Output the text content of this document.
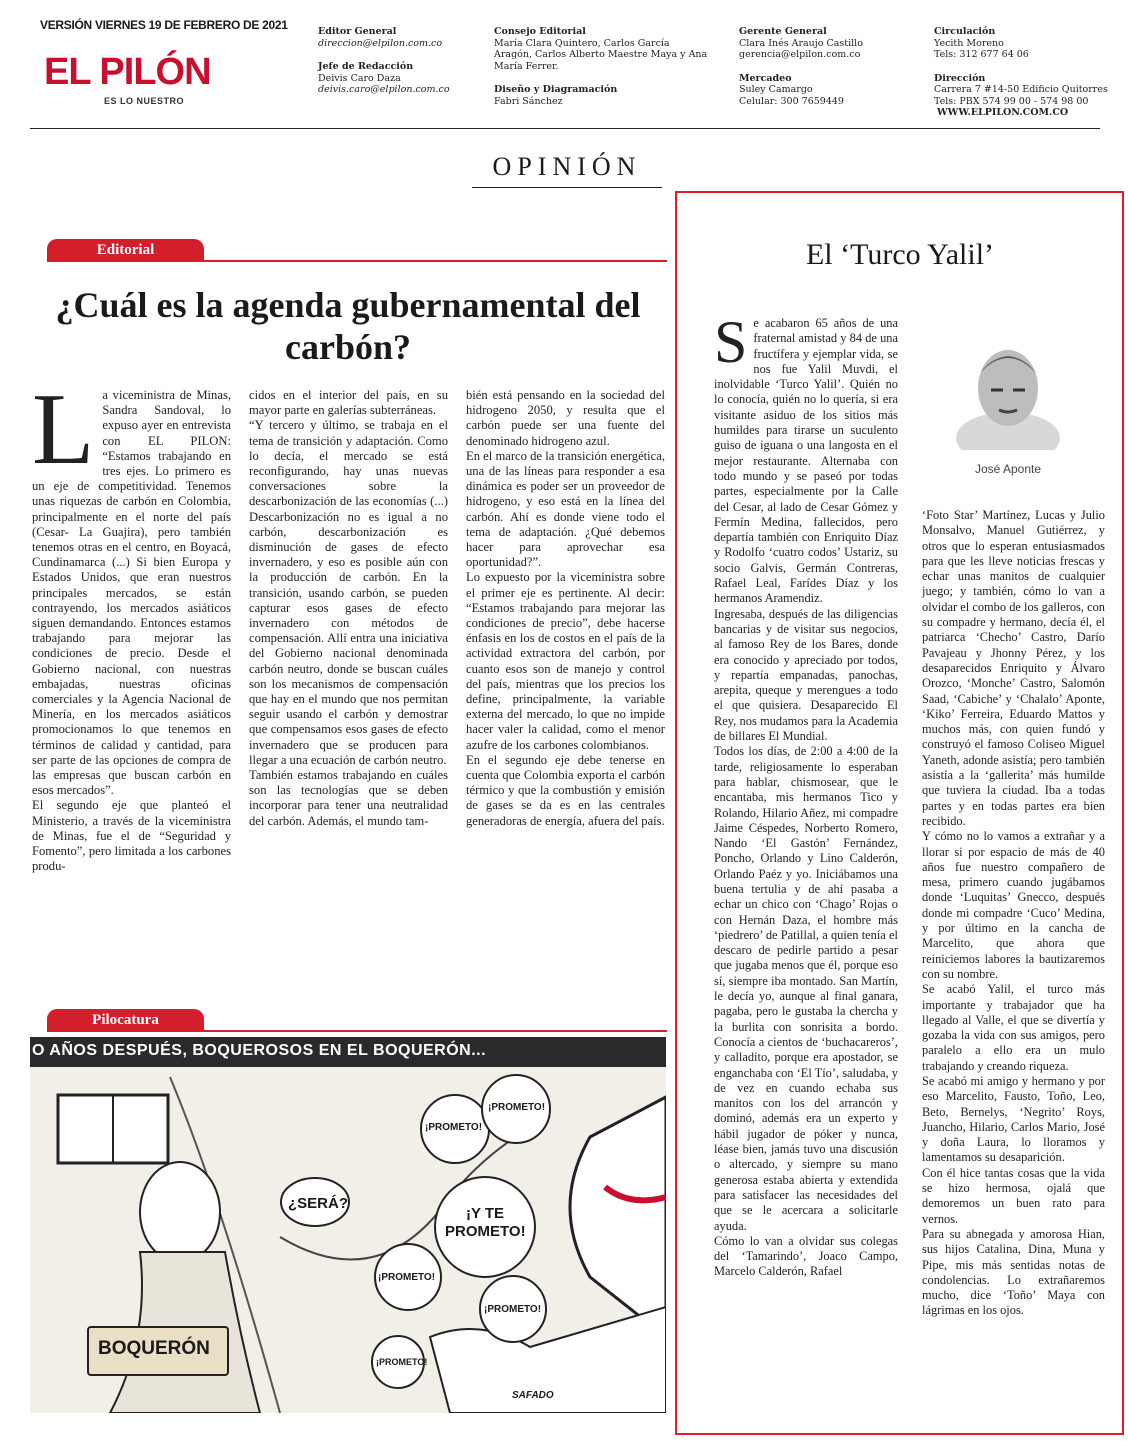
VERSIÓN VIERNES 19 DE FEBRERO DE 2021
EL PILÓN
ES LO NUESTRO
Editor General
direccion@elpilon.com.co
Jefe de Redacción
Deivis Caro Daza
deivis.caro@elpilon.com.co
Consejo Editorial
María Clara Quintero, Carlos García Aragón, Carlos Alberto Maestre Maya y Ana María Ferrer.
Diseño y Diagramación
Fabri Sánchez
Gerente General
Clara Inés Araujo Castillo
gerencia@elpilon.com.co
Mercadeo
Suley Camargo
Celular: 300 7659449
Circulación
Yecith Moreno
Tels: 312 677 64 06
Dirección
Carrera 7 #14-50 Edificio Quitorres
Tels: PBX 574 99 00 - 574 98 00
WWW.ELPILON.COM.CO
OPINIÓN
Editorial
¿Cuál es la agenda gubernamental del carbón?
L a viceministra de Minas, Sandra Sandoval, lo expuso ayer en entrevista con EL PILON: “Estamos trabajando en tres ejes. Lo primero es un eje de competitividad. Tenemos unas riquezas de carbón en Colombia, principalmente en el norte del país (Cesar- La Guajira), pero también tenemos otras en el centro, en Boyacá, Cundinamarca (...) Si bien Europa y Estados Unidos, que eran nuestros principales mercados, se están contrayendo, los mercados asiáticos siguen demandando. Entonces estamos trabajando para mejorar las condiciones de precio. Desde el Gobierno nacional, con nuestras embajadas, nuestras oficinas comerciales y la Agencia Nacional de Minería, en los mercados asiáticos promocionamos lo que tenemos en términos de calidad y cantidad, para ser parte de las opciones de compra de las empresas que buscan carbón en esos mercados”.

El segundo eje que planteó el Ministerio, a través de la viceministra de Minas, fue el de “Seguridad y Fomento”, pero limitada a los carbones produ-

cidos en el interior del país, en su mayor parte en galerías subterráneas.

“Y tercero y último, se trabaja en el tema de transición y adaptación. Como lo decía, el mercado se está reconfigurando, hay unas nuevas conversaciones sobre la descarbonización de las economías (...) Descarbonización no es igual a no carbón, descarbonización es disminución de gases de efecto invernadero, y eso es posible aún con la producción de carbón. En la transición, usando carbón, se pueden capturar esos gases de efecto invernadero con métodos de compensación. Allí entra una iniciativa del Gobierno nacional denominada carbón neutro, donde se buscan cuáles son los mecanismos de compensación que hay en el mundo que nos permitan seguir usando el carbón y demostrar que compensamos esos gases de efecto invernadero que se producen para llegar a una ecuación de carbón neutro.

También estamos trabajando en cuáles son las tecnologías que se deben incorporar para tener una neutralidad del carbón. Además, el mundo tam-

bién está pensando en la sociedad del hidrogeno 2050, y resulta que el carbón puede ser una fuente del denominado hidrogeno azul.

En el marco de la transición energética, una de las líneas para responder a esa dinámica es poder ser un proveedor de hidrogeno, y eso está en la línea del carbón. Ahí es donde viene todo el tema de adaptación. ¿Qué debemos hacer para aprovechar esa oportunidad?”.

Lo expuesto por la viceministra sobre el primer eje es pertinente. Al decir: “Estamos trabajando para mejorar las condiciones de precio”, debe hacerse énfasis en los de costos en el país de la actividad extractora del carbón, por cuanto esos son de manejo y control del país, mientras que los precios los define, principalmente, la variable externa del mercado, lo que no impide hacer valer la calidad, como el menor azufre de los carbones colombianos.

En el segundo eje debe tenerse en cuenta que Colombia exporta el carbón térmico y que la combustión y emisión de gases se da es en las centrales generadoras de energía, afuera del país.

Pilocatura
O AÑOS DESPUÉS, BOQUEROSOS EN EL BOQUERÓN...
¡PROMETO!
¡PROMETO!
¿SERÁ?
¡Y TE PROMETO!
¡PROMETO!
¡PROMETO!
¡PROMETO!
BOQUERÓN
SAFADO
El ‘Turco Yalil’
José Aponte
S e acabaron 65 años de una fraternal amistad y 84 de una fructífera y ejemplar vida, se nos fue Yalil Muvdi, el inolvidable ‘Turco Yalil’. Quién no lo conocía, quién no lo quería, si era visitante asiduo de los sitios más humildes para tirarse un suculento guiso de iguana o una langosta en el mejor restaurante. Alternaba con todo mundo y se paseó por todas partes, especialmente por la Calle del Cesar, al lado de Cesar Gómez y Fermín Medina, fallecidos, pero departía también con Enriquito Díaz y Rodolfo ‘cuatro codos’ Ustariz, su socio Galvis, Germán Contreras, Rafael Leal, Farídes Díaz y los hermanos Aramendiz.

Ingresaba, después de las diligencias bancarias y de visitar sus negocios, al famoso Rey de los Bares, donde era conocido y apreciado por todos, y repartía empanadas, panochas, arepita, queque y merengues a todo el que quisiera. Desaparecido El Rey, nos mudamos para la Academia de billares El Mundial.

Todos los días, de 2:00 a 4:00 de la tarde, religiosamente lo esperaban para hablar, chismosear, que le encantaba, mis hermanos Tico y Rolando, Hilario Añez, mi compadre Jaime Céspedes, Norberto Romero, Nando ‘El Gastón’ Fernández, Poncho, Orlando y Lino Calderón, Orlando Paéz y yo. Iniciábamos una buena tertulia y de ahí pasaba a echar un chico con ‘Chago’ Rojas o con Hernán Daza, el hombre más ‘piedrero’ de Patillal, a quien tenía el descaro de pedirle partido a pesar que jugaba menos que él, porque eso sí, siempre iba montado. San Martín, le decía yo, aunque al final ganara, pagaba, pero le gustaba la chercha y la burlita con sonrisita a bordo. Conocía a cientos de ‘buchacareros’, y calladito, porque era apostador, se enganchaba con ‘El Tío’, saludaba, y de vez en cuando echaba sus manitos con los del arrancón y dominó, además era un experto y hábil jugador de póker y nunca, léase bien, jamás tuvo una discusión o altercado, y siempre su mano generosa estaba abierta y extendida para satisfacer las necesidades del que se le acercara a solicitarle ayuda.

Cómo lo van a olvidar sus colegas del ‘Tamarindo’, Joaco Campo, Marcelo Calderón, Rafael

‘Foto Star’ Martínez, Lucas y Julio Monsalvo, Manuel Gutiérrez, y otros que lo esperan entusiasmados para que les lleve noticias frescas y echar unas manitos de cualquier juego; y también, cómo lo van a olvidar el combo de los galleros, con su compadre y hermano, decía él, el patriarca ‘Checho’ Castro, Darío Pavajeau y Jhonny Pérez, y los desaparecidos Enriquito y Álvaro Orozco, ‘Monche’ Castro, Salomón Saad, ‘Cabiche’ y ‘Chalalo’ Aponte, ‘Kiko’ Ferreira, Eduardo Mattos y muchos más, con quien fundó y construyó el famoso Coliseo Miguel Yaneth, adonde asistía; pero también asistía a la ‘gallerita’ más humilde que tuviera la ciudad. Iba a todas partes y en todas partes era bien recibido.

Y cómo no lo vamos a extrañar y a llorar si por espacio de más de 40 años fue nuestro compañero de mesa, primero cuando jugábamos donde ‘Luquitas’ Gnecco, después donde mi compadre ‘Cuco’ Medina, y por último en la cancha de Marcelito, que ahora que reiniciemos labores la bautizaremos con su nombre.

Se acabó Yalil, el turco más importante y trabajador que ha llegado al Valle, el que se divertía y gozaba la vida con sus amigos, pero paralelo a ello era un mulo trabajando y creando riqueza.

Se acabó mi amigo y hermano y por eso Marcelito, Fausto, Toño, Leo, Beto, Bernelys, ‘Negrito’ Roys, Juancho, Hilario, Carlos Mario, José y doña Laura, lo lloramos y lamentamos su desaparición.

Con él hice tantas cosas que la vida se hizo hermosa, ojalá que demoremos un buen rato para vernos.

Para su abnegada y amorosa Hian, sus hijos Catalina, Dina, Muna y Pipe, mis más sentidas notas de condolencias. Lo extrañaremos mucho, dice ‘Toño’ Maya con lágrimas en los ojos.
